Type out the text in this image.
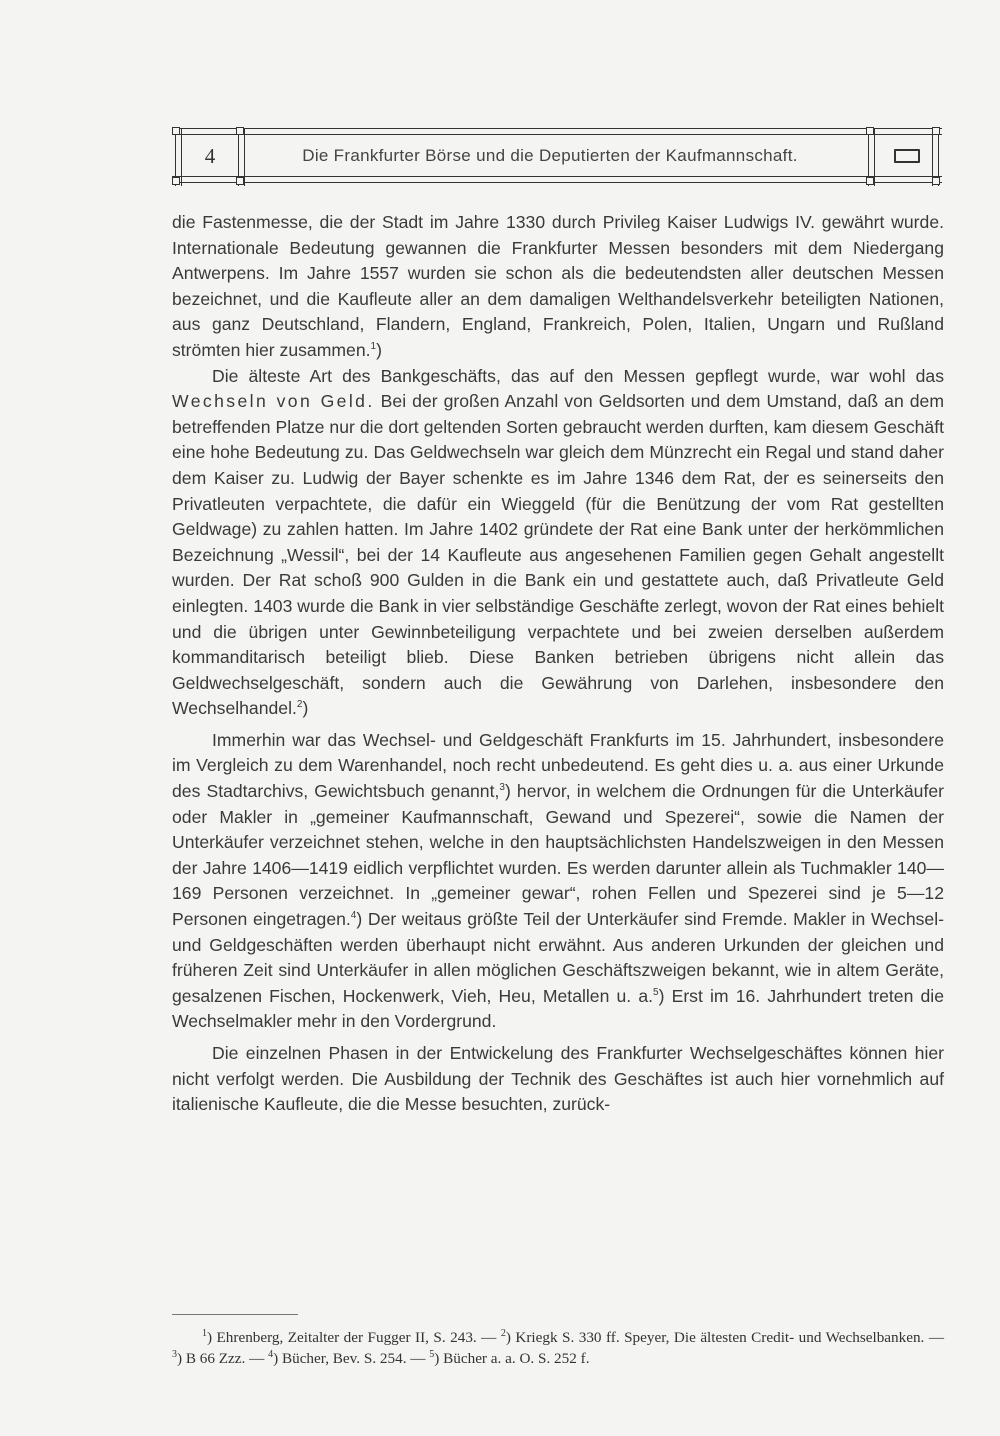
4	Die Frankfurter Börse und die Deputierten der Kaufmannschaft.

die Fastenmesse, die der Stadt im Jahre 1330 durch Privileg Kaiser Ludwigs IV. gewährt wurde. Internationale Bedeutung gewannen die Frankfurter Messen besonders mit dem Niedergang Antwerpens. Im Jahre 1557 wurden sie schon als die bedeutendsten aller deutschen Messen bezeichnet, und die Kaufleute aller an dem damaligen Welthandelsverkehr beteiligten Nationen, aus ganz Deutschland, Flandern, England, Frankreich, Polen, Italien, Ungarn und Rußland strömten hier zusammen.$^1$)

Die älteste Art des Bankgeschäfts, das auf den Messen gepflegt wurde, war wohl das Wechseln von Geld. Bei der großen Anzahl von Geldsorten und dem Umstand, daß an dem betreffenden Platze nur die dort geltenden Sorten gebraucht werden durften, kam diesem Geschäft eine hohe Bedeutung zu. Das Geldwechseln war gleich dem Münzrecht ein Regal und stand daher dem Kaiser zu. Ludwig der Bayer schenkte es im Jahre 1346 dem Rat, der es seinerseits den Privatleuten verpachtete, die dafür ein Wieggeld (für die Benützung der vom Rat gestellten Geldwage) zu zahlen hatten. Im Jahre 1402 gründete der Rat eine Bank unter der herkömmlichen Bezeichnung „Wessil“, bei der 14 Kaufleute aus angesehenen Familien gegen Gehalt angestellt wurden. Der Rat schoß 900 Gulden in die Bank ein und gestattete auch, daß Privatleute Geld einlegten. 1403 wurde die Bank in vier selbständige Geschäfte zerlegt, wovon der Rat eines behielt und die übrigen unter Gewinnbeteiligung verpachtete und bei zweien derselben außerdem kommanditarisch beteiligt blieb. Diese Banken betrieben übrigens nicht allein das Geldwechselgeschäft, sondern auch die Gewährung von Darlehen, insbesondere den Wechselhandel.$^2$)

Immerhin war das Wechsel- und Geldgeschäft Frankfurts im 15. Jahrhundert, insbesondere im Vergleich zu dem Warenhandel, noch recht unbedeutend. Es geht dies u. a. aus einer Urkunde des Stadtarchivs, Gewichtsbuch genannt,$^3$) hervor, in welchem die Ordnungen für die Unterkäufer oder Makler in „gemeiner Kaufmannschaft, Gewand und Spezerei“, sowie die Namen der Unterkäufer verzeichnet stehen, welche in den hauptsächlichsten Handelszweigen in den Messen der Jahre 1406—1419 eidlich verpflichtet wurden. Es werden darunter allein als Tuchmakler 140—169 Personen verzeichnet. In „gemeiner gewar“, rohen Fellen und Spezerei sind je 5—12 Personen eingetragen.$^4$) Der weitaus größte Teil der Unterkäufer sind Fremde. Makler in Wechsel- und Geldgeschäften werden überhaupt nicht erwähnt. Aus anderen Urkunden der gleichen und früheren Zeit sind Unterkäufer in allen möglichen Geschäftszweigen bekannt, wie in altem Geräte, gesalzenen Fischen, Hockenwerk, Vieh, Heu, Metallen u. a.$^5$) Erst im 16. Jahrhundert treten die Wechselmakler mehr in den Vordergrund.

Die einzelnen Phasen in der Entwickelung des Frankfurter Wechselgeschäftes können hier nicht verfolgt werden. Die Ausbildung der Technik des Geschäftes ist auch hier vornehmlich auf italienische Kaufleute, die die Messe besuchten, zurück-

$^1$) Ehrenberg, Zeitalter der Fugger II, S. 243. — $^2$) Kriegk S. 330 ff. Speyer, Die ältesten Credit- und Wechselbanken. — $^3$) B 66 Zzz. — $^4$) Bücher, Bev. S. 254. — $^5$) Bücher a. a. O. S. 252 f.
